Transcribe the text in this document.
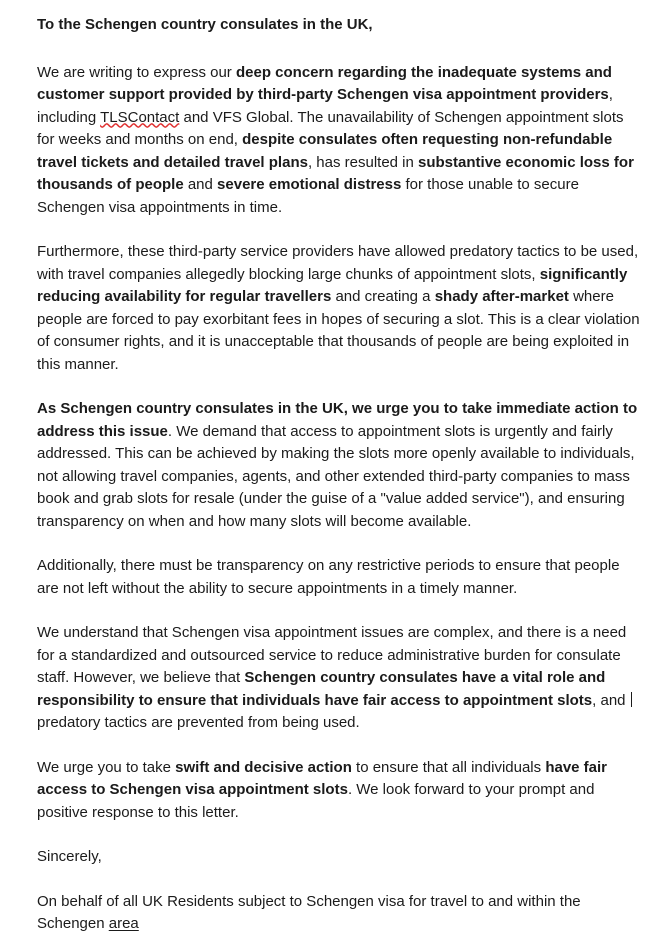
To the Schengen country consulates in the UK,

We are writing to express our deep concern regarding the inadequate systems and customer support provided by third-party Schengen visa appointment providers, including TLSContact and VFS Global. The unavailability of Schengen appointment slots for weeks and months on end, despite consulates often requesting non-refundable travel tickets and detailed travel plans, has resulted in substantive economic loss for thousands of people and severe emotional distress for those unable to secure Schengen visa appointments in time.

Furthermore, these third-party service providers have allowed predatory tactics to be used, with travel companies allegedly blocking large chunks of appointment slots, significantly reducing availability for regular travellers and creating a shady after-market where people are forced to pay exorbitant fees in hopes of securing a slot. This is a clear violation of consumer rights, and it is unacceptable that thousands of people are being exploited in this manner.

As Schengen country consulates in the UK, we urge you to take immediate action to address this issue. We demand that access to appointment slots is urgently and fairly addressed. This can be achieved by making the slots more openly available to individuals, not allowing travel companies, agents, and other extended third-party companies to mass book and grab slots for resale (under the guise of a "value added service"), and ensuring transparency on when and how many slots will become available.

Additionally, there must be transparency on any restrictive periods to ensure that people are not left without the ability to secure appointments in a timely manner.

We understand that Schengen visa appointment issues are complex, and there is a need for a standardized and outsourced service to reduce administrative burden for consulate staff. However, we believe that Schengen country consulates have a vital role and responsibility to ensure that individuals have fair access to appointment slots, and  predatory tactics are prevented from being used.

We urge you to take swift and decisive action to ensure that all individuals have fair access to Schengen visa appointment slots. We look forward to your prompt and positive response to this letter.

Sincerely,

On behalf of all UK Residents subject to Schengen visa for travel to and within the Schengen area
